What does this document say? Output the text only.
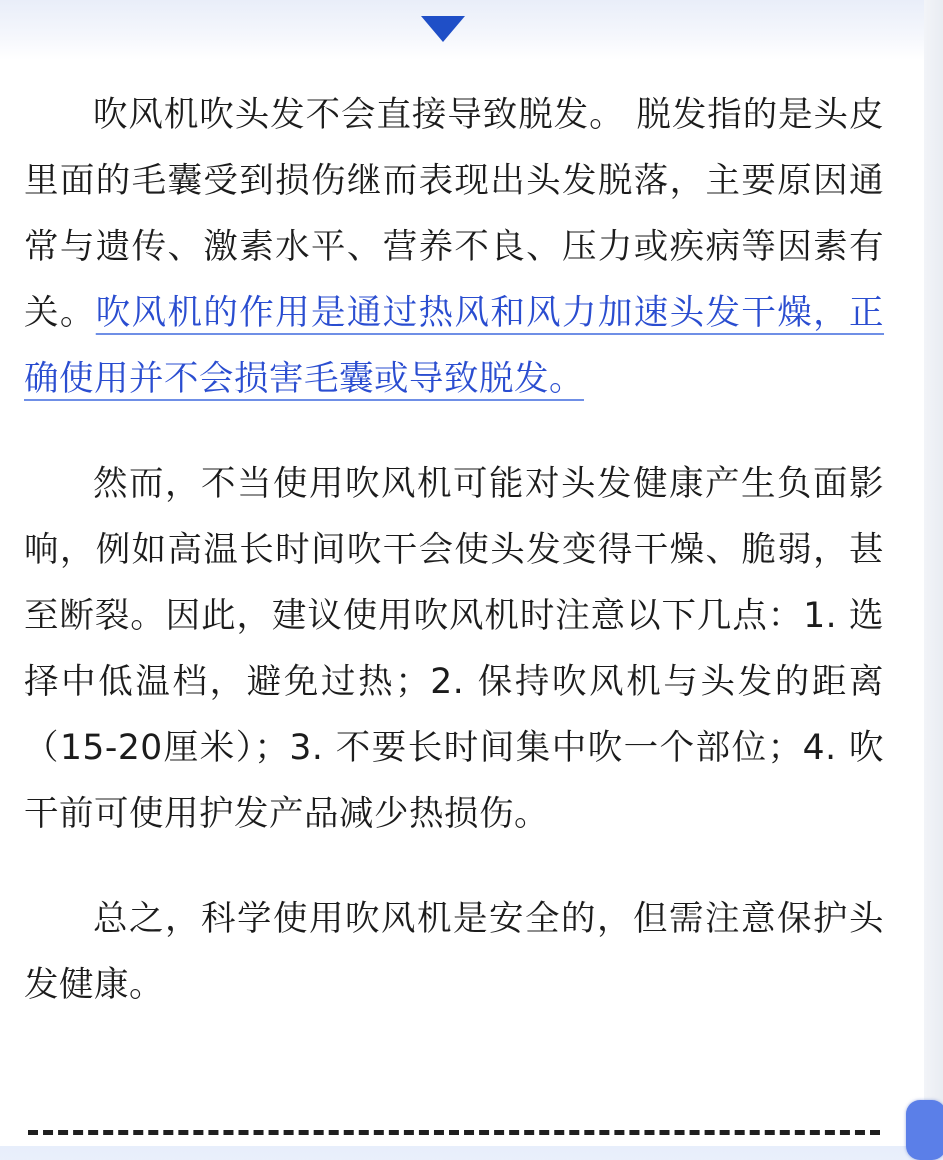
吹风机吹头发不会直接导致脱发。 脱发指的是头皮里面的毛囊受到损伤继而表现出头发脱落，主要原因通常与遗传、激素水平、营养不良、压力或疾病等因素有关。吹风机的作用是通过热风和风力加速头发干燥，正确使用并不会损害毛囊或导致脱发。

然而，不当使用吹风机可能对头发健康产生负面影响，例如高温长时间吹干会使头发变得干燥、脆弱，甚至断裂。因此，建议使用吹风机时注意以下几点：1. 选择中低温档，避免过热；2. 保持吹风机与头发的距离（15-20厘米）；3. 不要长时间集中吹一个部位；4. 吹干前可使用护发产品减少热损伤。

总之，科学使用吹风机是安全的，但需注意保护头发健康。
